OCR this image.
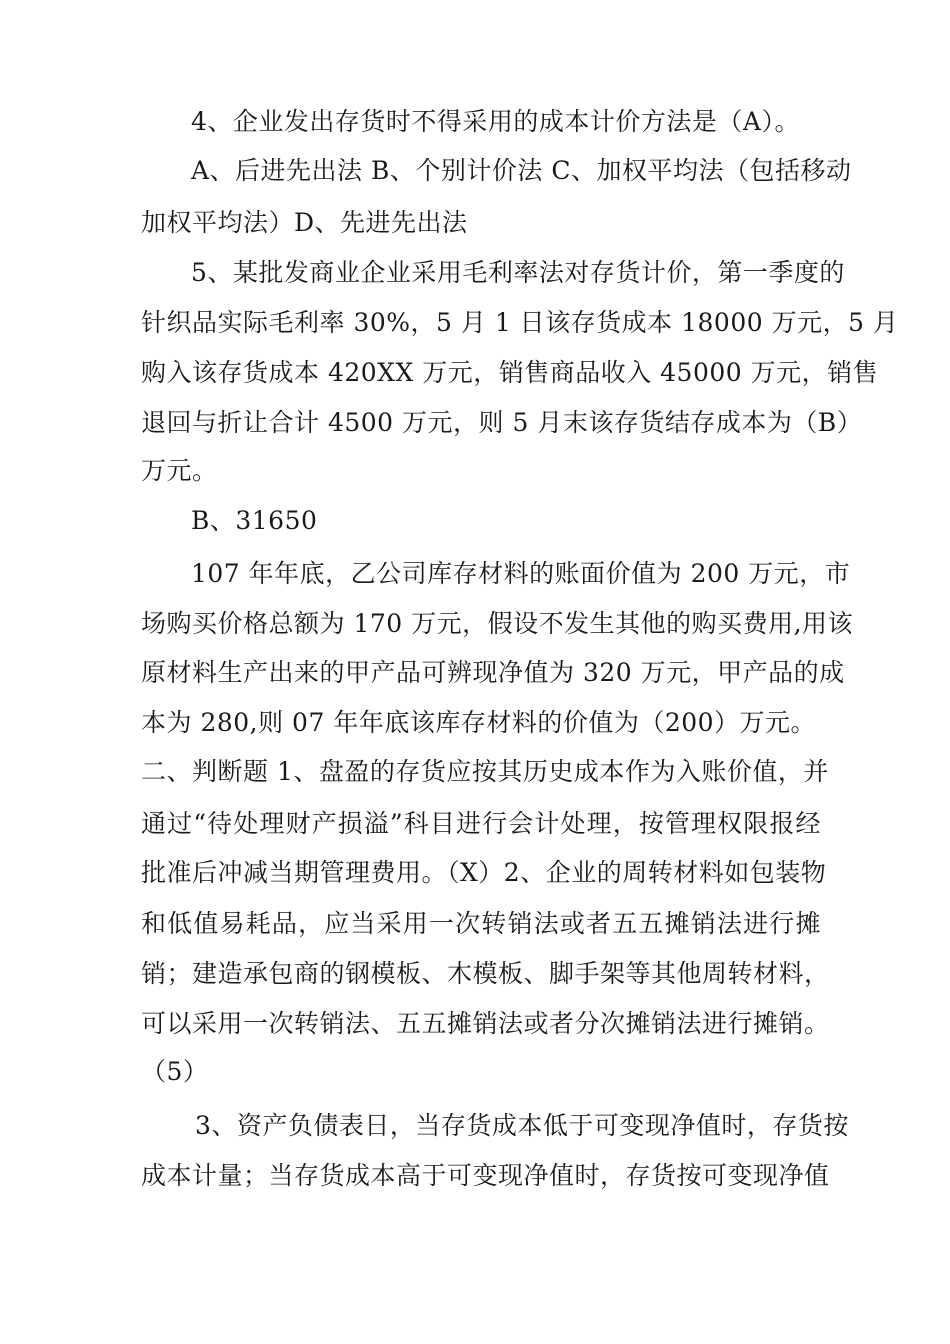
4、企业发出存货时不得采用的成本计价方法是（A）。
A、后进先出法 B、个别计价法 C、加权平均法（包括移动
加权平均法）D、先进先出法
5、某批发商业企业采用毛利率法对存货计价，第一季度的
针织品实际毛利率 30%，5 月 1 日该存货成本 18000 万元，5 月
购入该存货成本 420XX 万元，销售商品收入 45000 万元，销售
退回与折让合计 4500 万元，则 5 月末该存货结存成本为（B）
万元。
B、31650
107 年年底，乙公司库存材料的账面价值为 200 万元，市
场购买价格总额为 170 万元，假设不发生其他的购买费用,用该
原材料生产出来的甲产品可辨现净值为 320 万元，甲产品的成
本为 280,则 07 年年底该库存材料的价值为（200）万元。
二、判断题 1、盘盈的存货应按其历史成本作为入账价值，并
通过“待处理财产损溢”科目进行会计处理，按管理权限报经
批准后冲减当期管理费用。（X）2、企业的周转材料如包装物
和低值易耗品，应当采用一次转销法或者五五摊销法进行摊
销；建造承包商的钢模板、木模板、脚手架等其他周转材料，
可以采用一次转销法、五五摊销法或者分次摊销法进行摊销。
（5）
3、资产负债表日，当存货成本低于可变现净值时，存货按
成本计量；当存货成本高于可变现净值时，存货按可变现净值
